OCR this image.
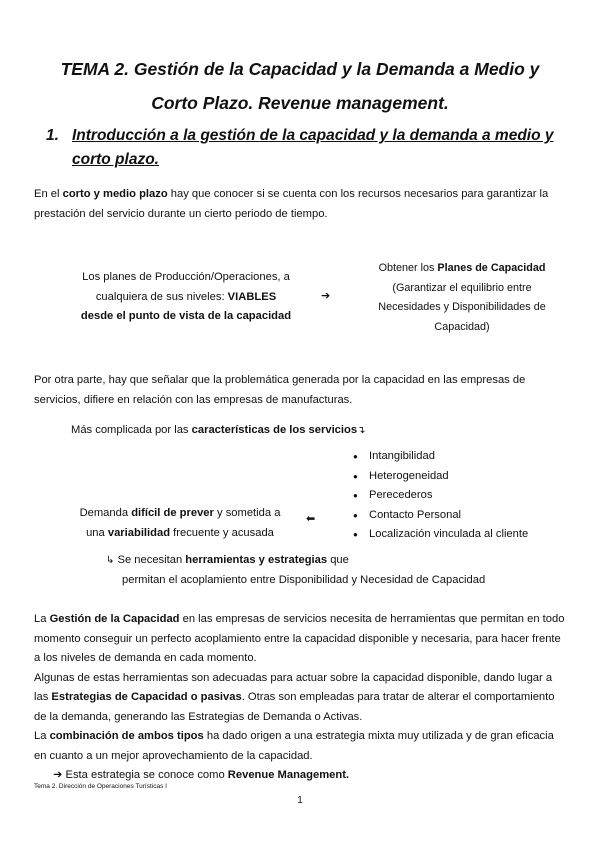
TEMA 2. Gestión de la Capacidad y la Demanda a Medio y
Corto Plazo. Revenue management.
1. Introducción a la gestión de la capacidad y la demanda a medio y
corto plazo.
En el corto y medio plazo hay que conocer si se cuenta con los recursos necesarios para garantizar la
prestación del servicio durante un cierto periodo de tiempo.
Los planes de Producción/Operaciones, a
cualquiera de sus niveles: VIABLES
desde el punto de vista de la capacidad
➔
Obtener los Planes de Capacidad
(Garantizar el equilibrio entre
Necesidades y Disponibilidades de
Capacidad)
Por otra parte, hay que señalar que la problemática generada por la capacidad en las empresas de
servicios, difiere en relación con las empresas de manufacturas.
Más complicada por las características de los servicios↴
● Intangibilidad
● Heterogeneidad
● Perecederos
● Contacto Personal
● Localización vinculada al cliente
Demanda difícil de prever y sometida a
una variabilidad frecuente y acusada
⬅
↳ Se necesitan herramientas y estrategias que
permitan el acoplamiento entre Disponibilidad y Necesidad de Capacidad
La Gestión de la Capacidad en las empresas de servicios necesita de herramientas que permitan en todo
momento conseguir un perfecto acoplamiento entre la capacidad disponible y necesaria, para hacer frente
a los niveles de demanda en cada momento.
Algunas de estas herramientas son adecuadas para actuar sobre la capacidad disponible, dando lugar a
las Estrategias de Capacidad o pasivas. Otras son empleadas para tratar de alterar el comportamiento
de la demanda, generando las Estrategias de Demanda o Activas.
La combinación de ambos tipos ha dado origen a una estrategia mixta muy utilizada y de gran eficacia
en cuanto a un mejor aprovechamiento de la capacidad.
➔ Esta estrategia se conoce como Revenue Management.
Tema 2. Dirección de Operaciones Turísticas I
1
